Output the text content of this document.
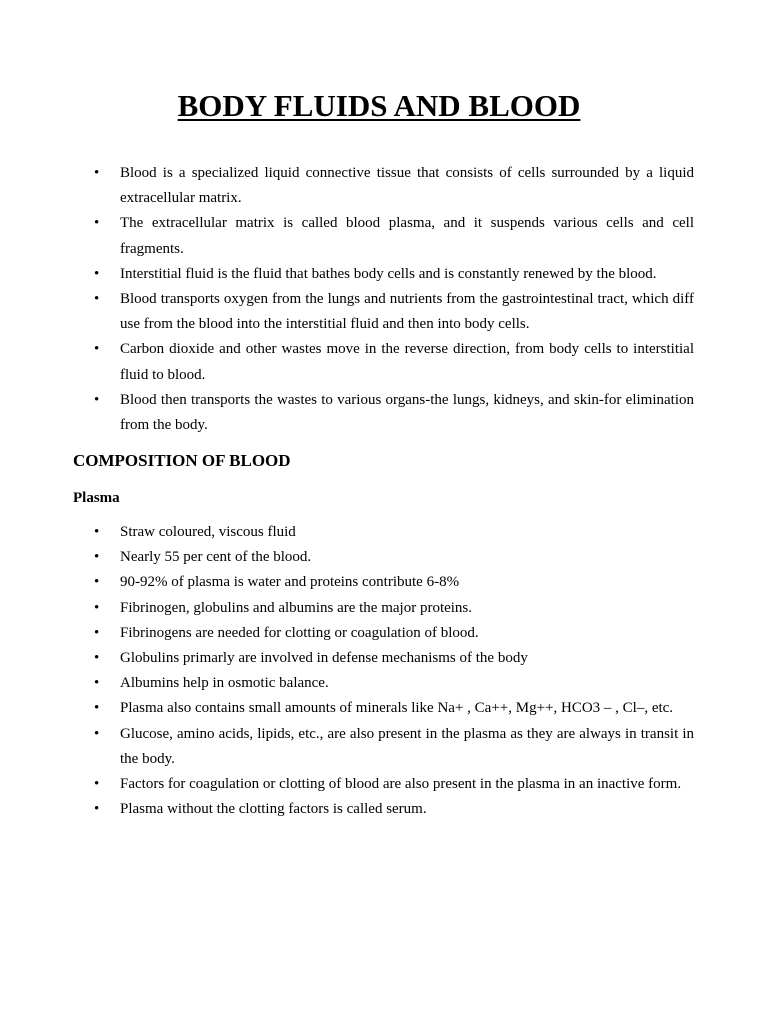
BODY FLUIDS AND BLOOD
• Blood is a specialized liquid connective tissue that consists of cells surrounded by a liquid extracellular matrix.
• The extracellular matrix is called blood plasma, and it suspends various cells and cell fragments.
• Interstitial fluid is the fluid that bathes body cells and is constantly renewed by the blood.
• Blood transports oxygen from the lungs and nutrients from the gastrointestinal tract, which diff use from the blood into the interstitial fluid and then into body cells.
• Carbon dioxide and other wastes move in the reverse direction, from body cells to interstitial fluid to blood.
• Blood then transports the wastes to various organs-the lungs, kidneys, and skin-for elimination from the body.
COMPOSITION OF BLOOD
Plasma
• Straw coloured, viscous fluid
• Nearly 55 per cent of the blood.
• 90-92% of plasma is water and proteins contribute 6-8%
• Fibrinogen, globulins and albumins are the major proteins.
• Fibrinogens are needed for clotting or coagulation of blood.
• Globulins primarly are involved in defense mechanisms of the body
• Albumins help in osmotic balance.
• Plasma also contains small amounts of minerals like Na+ , Ca++, Mg++, HCO3 – , Cl–, etc.
• Glucose, amino acids, lipids, etc., are also present in the plasma as they are always in transit in the body.
• Factors for coagulation or clotting of blood are also present in the plasma in an inactive form.
• Plasma without the clotting factors is called serum.
